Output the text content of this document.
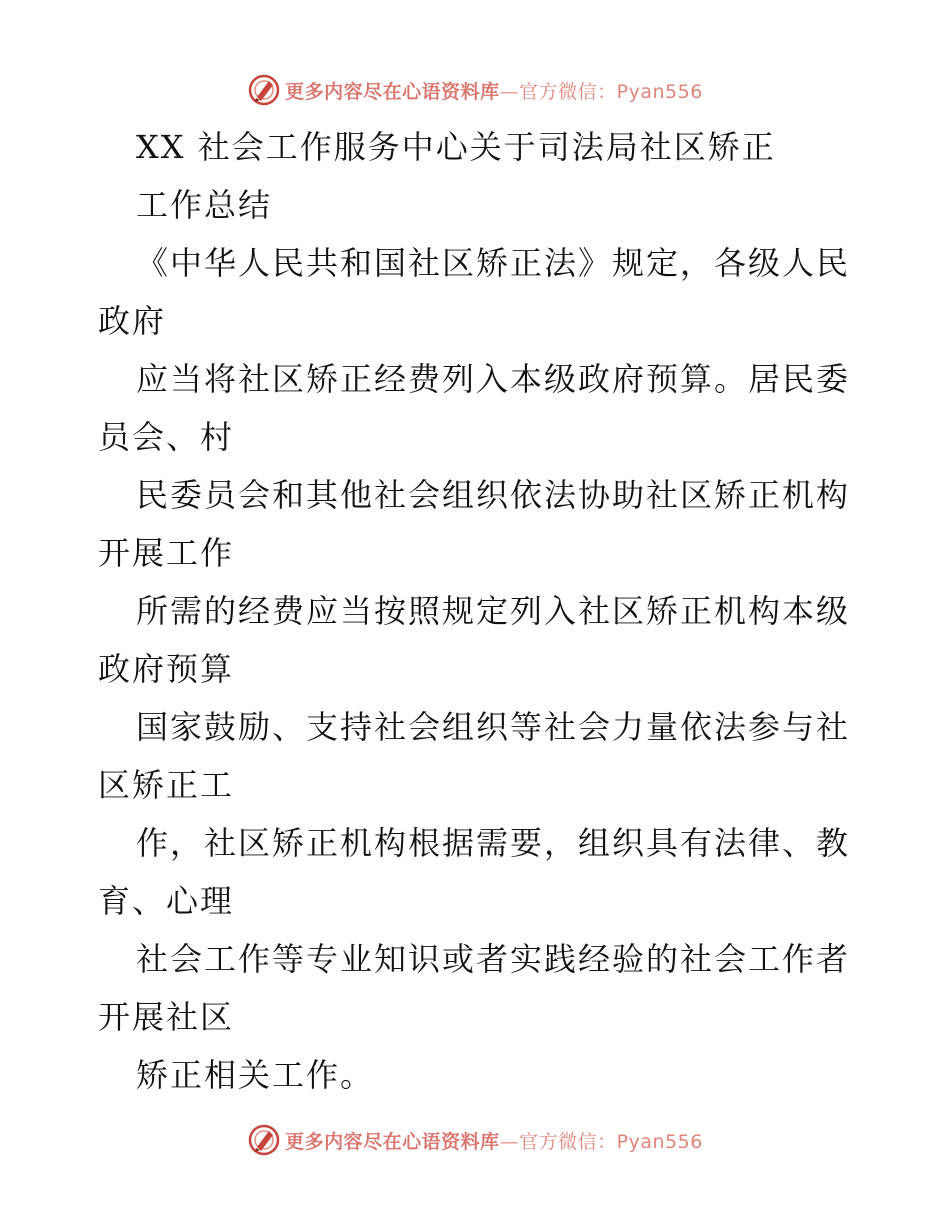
更多内容尽在心语资料库—官方微信：Pyan556
XX 社会工作服务中心关于司法局社区矫正
工作总结
《中华人民共和国社区矫正法》规定，各级人民
政府
应当将社区矫正经费列入本级政府预算。居民委
员会、村
民委员会和其他社会组织依法协助社区矫正机构
开展工作
所需的经费应当按照规定列入社区矫正机构本级
政府预算
国家鼓励、支持社会组织等社会力量依法参与社
区矫正工
作，社区矫正机构根据需要，组织具有法律、教
育、心理
社会工作等专业知识或者实践经验的社会工作者
开展社区
矫正相关工作。
更多内容尽在心语资料库—官方微信：Pyan556
